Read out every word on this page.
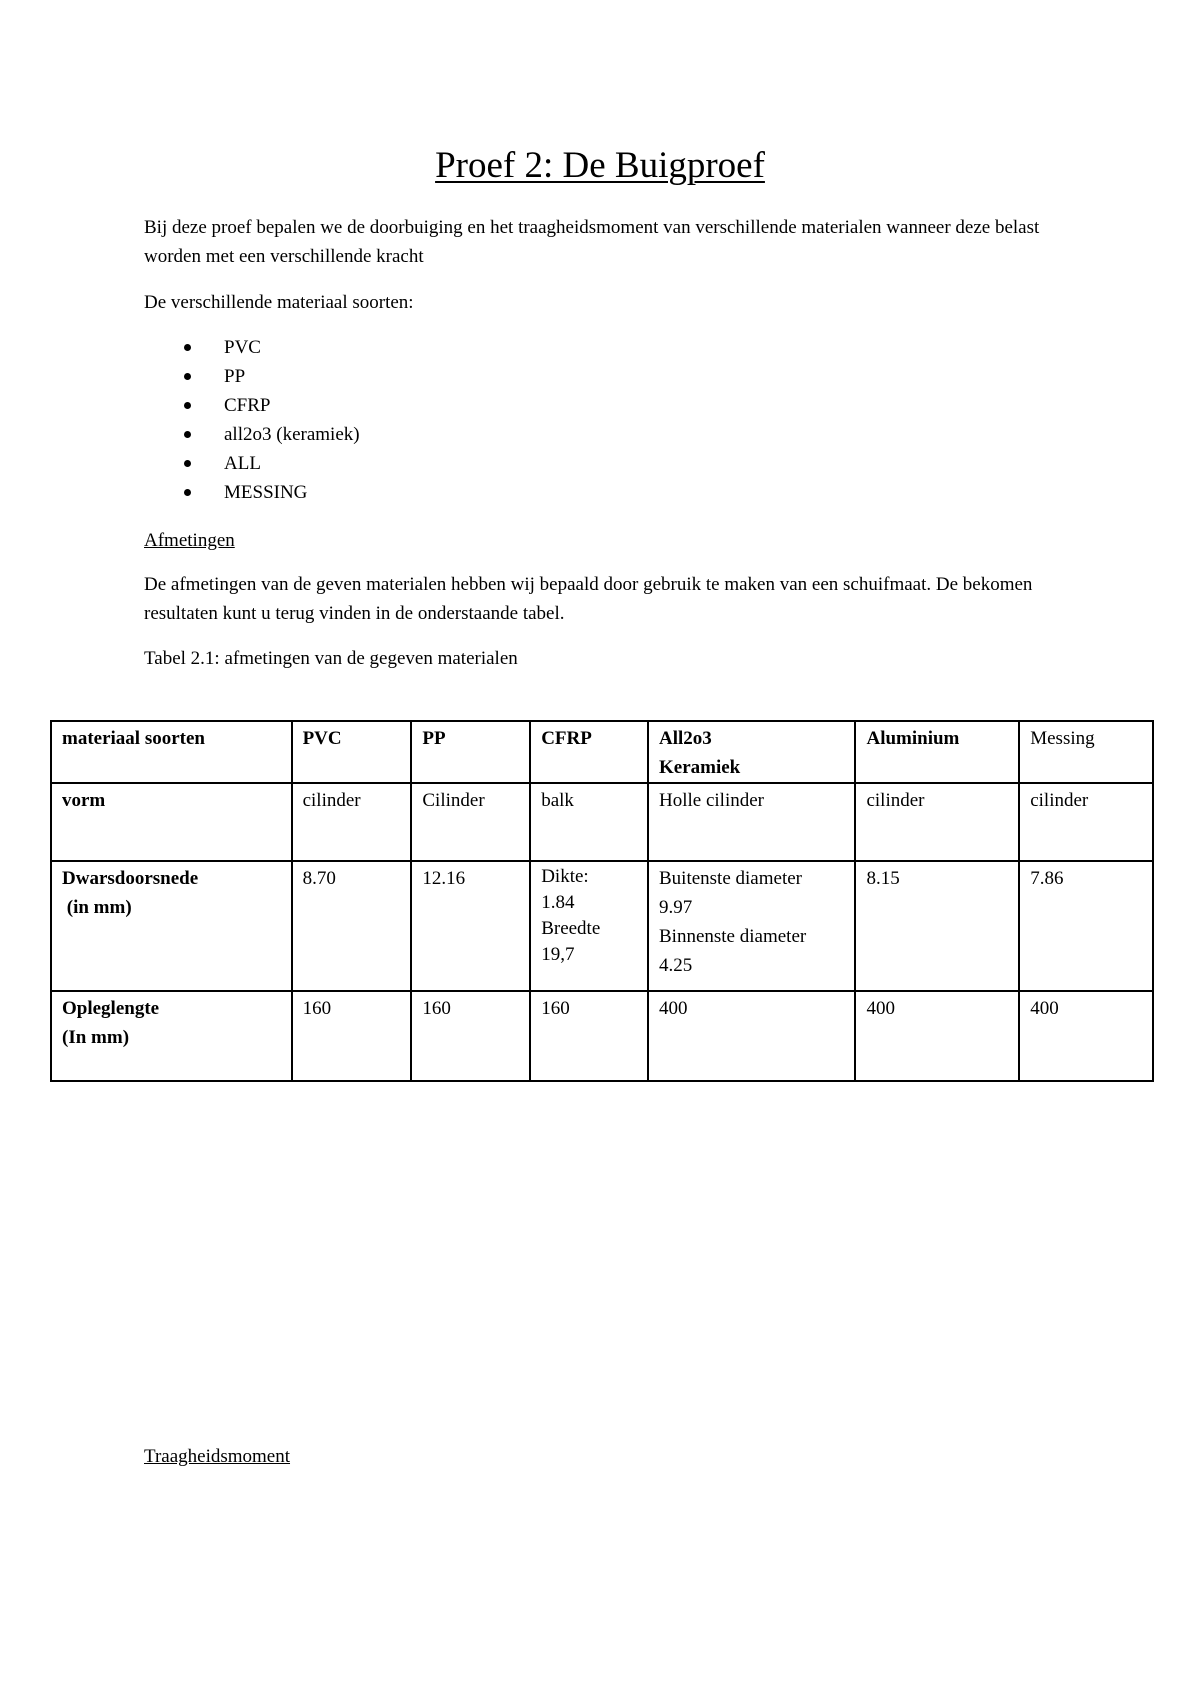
Proef 2: De Buigproef

Bij deze proef bepalen we de doorbuiging en het traagheidsmoment van verschillende materialen wanneer deze belast worden met een verschillende kracht

De verschillende materiaal soorten:

PVC
PP
CFRP
all2o3 (keramiek)
ALL
MESSING

Afmetingen

De afmetingen van de geven materialen hebben wij bepaald door gebruik te maken van een schuifmaat. De bekomen resultaten kunt u terug vinden in de onderstaande tabel.

Tabel 2.1: afmetingen van de gegeven materialen

materiaal soorten	PVC	PP	CFRP	All2o3
Keramiek	Aluminium	Messing
vorm	cilinder	Cilinder	balk	Holle cilinder	cilinder	cilinder

Dwarsdoorsnede
(in mm)	8.70	12.16	Dikte:
1.84
Breedte
19,7	Buitenste diameter
9.97
Binnenste diameter
4.25	8.15	7.86

Opleglengte
(In mm)	160	160	160	400	400	400

Traagheidsmoment
